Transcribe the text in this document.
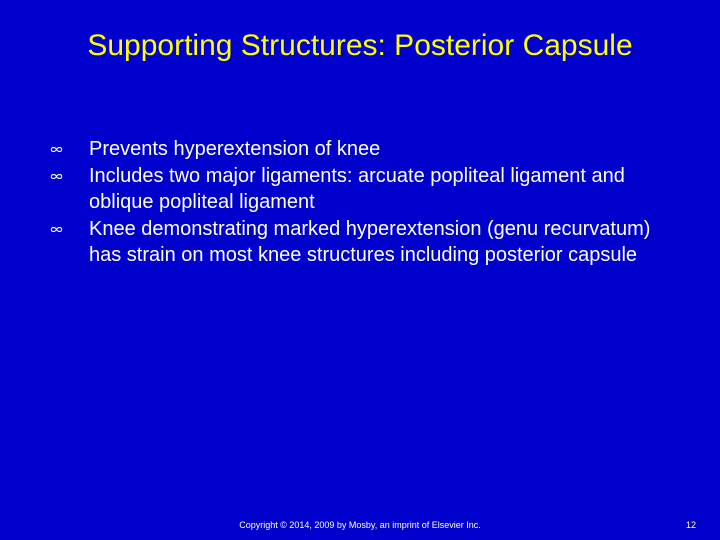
Supporting Structures: Posterior Capsule
Prevents hyperextension of knee
Includes two major ligaments: arcuate popliteal ligament and oblique popliteal ligament
Knee demonstrating marked hyperextension (genu recurvatum) has strain on most knee structures including posterior capsule
Copyright © 2014, 2009 by Mosby, an imprint of Elsevier Inc.	12
